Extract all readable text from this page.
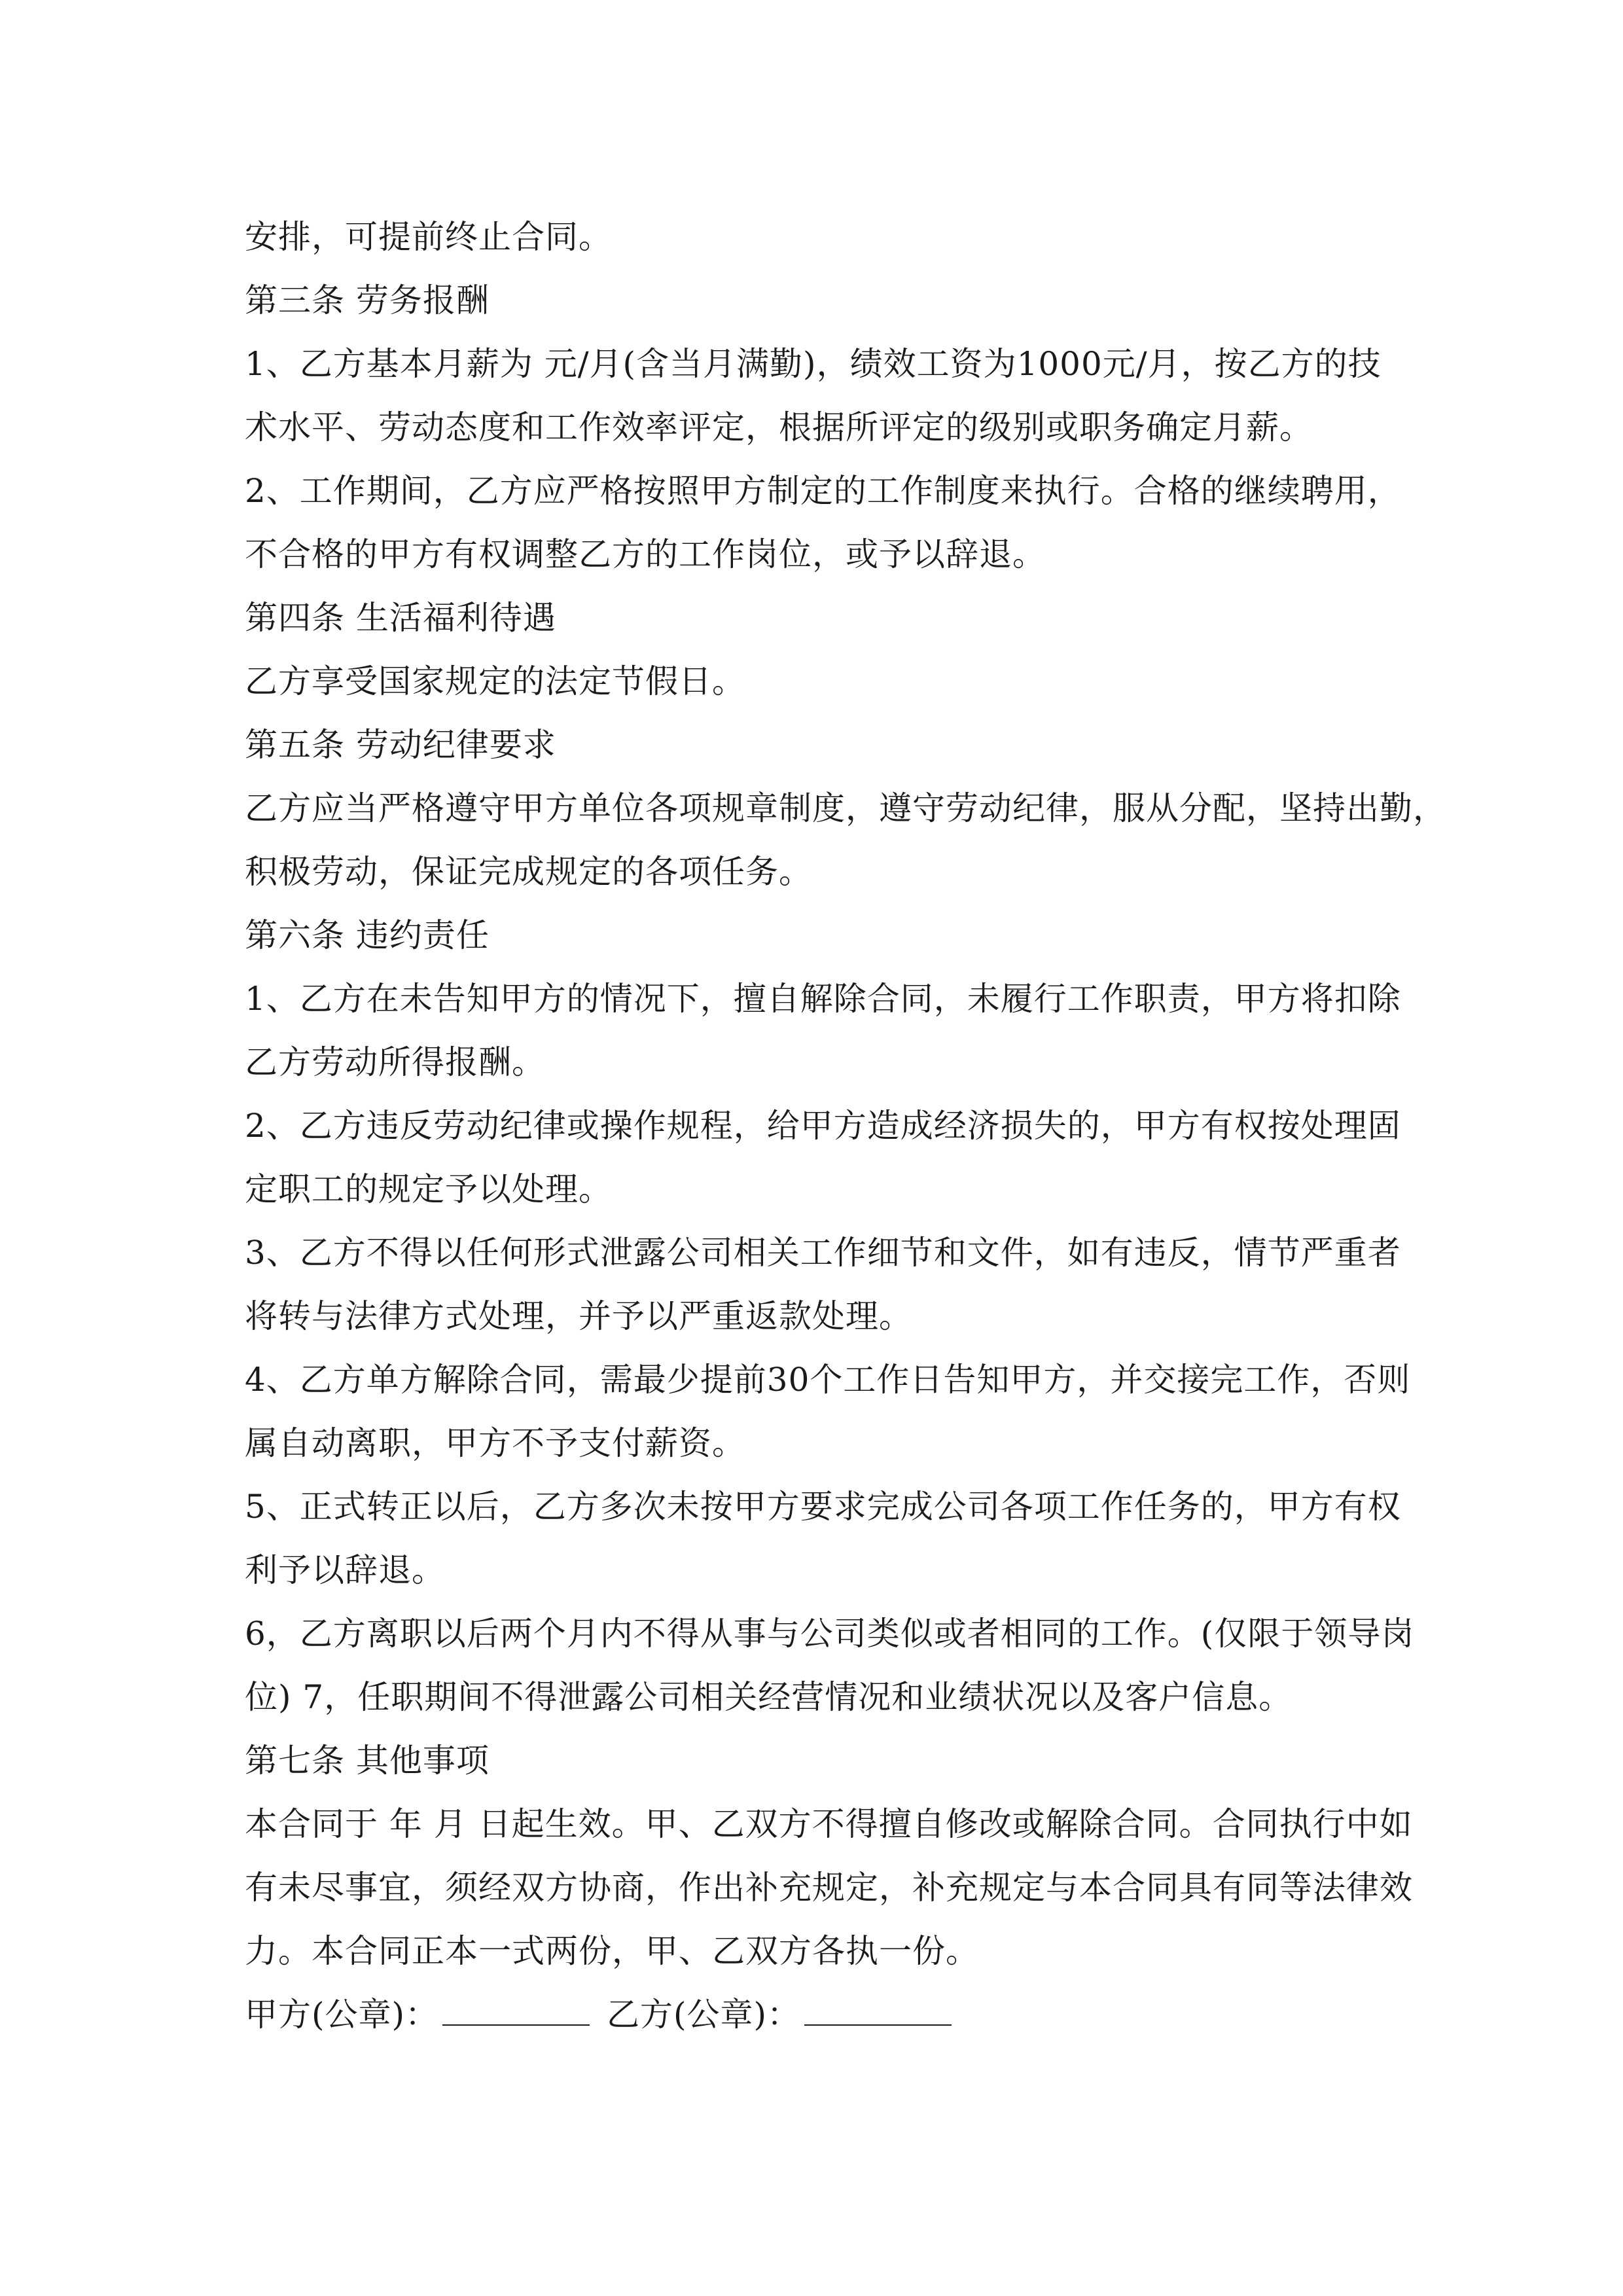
安排，可提前终止合同。
第三条 劳务报酬
1、乙方基本月薪为 元/月(含当月满勤)，绩效工资为1000元/月，按乙方的技
术水平、劳动态度和工作效率评定，根据所评定的级别或职务确定月薪。
2、工作期间，乙方应严格按照甲方制定的工作制度来执行。合格的继续聘用，
不合格的甲方有权调整乙方的工作岗位，或予以辞退。
第四条 生活福利待遇
乙方享受国家规定的法定节假日。
第五条 劳动纪律要求
乙方应当严格遵守甲方单位各项规章制度，遵守劳动纪律，服从分配，坚持出勤，
积极劳动，保证完成规定的各项任务。
第六条 违约责任
1、乙方在未告知甲方的情况下，擅自解除合同，未履行工作职责，甲方将扣除
乙方劳动所得报酬。
2、乙方违反劳动纪律或操作规程，给甲方造成经济损失的，甲方有权按处理固
定职工的规定予以处理。
3、乙方不得以任何形式泄露公司相关工作细节和文件，如有违反，情节严重者
将转与法律方式处理，并予以严重返款处理。
4、乙方单方解除合同，需最少提前30个工作日告知甲方，并交接完工作，否则
属自动离职，甲方不予支付薪资。
5、正式转正以后，乙方多次未按甲方要求完成公司各项工作任务的，甲方有权
利予以辞退。
6，乙方离职以后两个月内不得从事与公司类似或者相同的工作。(仅限于领导岗
位) 7，任职期间不得泄露公司相关经营情况和业绩状况以及客户信息。
第七条 其他事项
本合同于 年 月 日起生效。甲、乙双方不得擅自修改或解除合同。合同执行中如
有未尽事宜，须经双方协商，作出补充规定，补充规定与本合同具有同等法律效
力。本合同正本一式两份，甲、乙双方各执一份。
甲方(公章)：	乙方(公章)：
